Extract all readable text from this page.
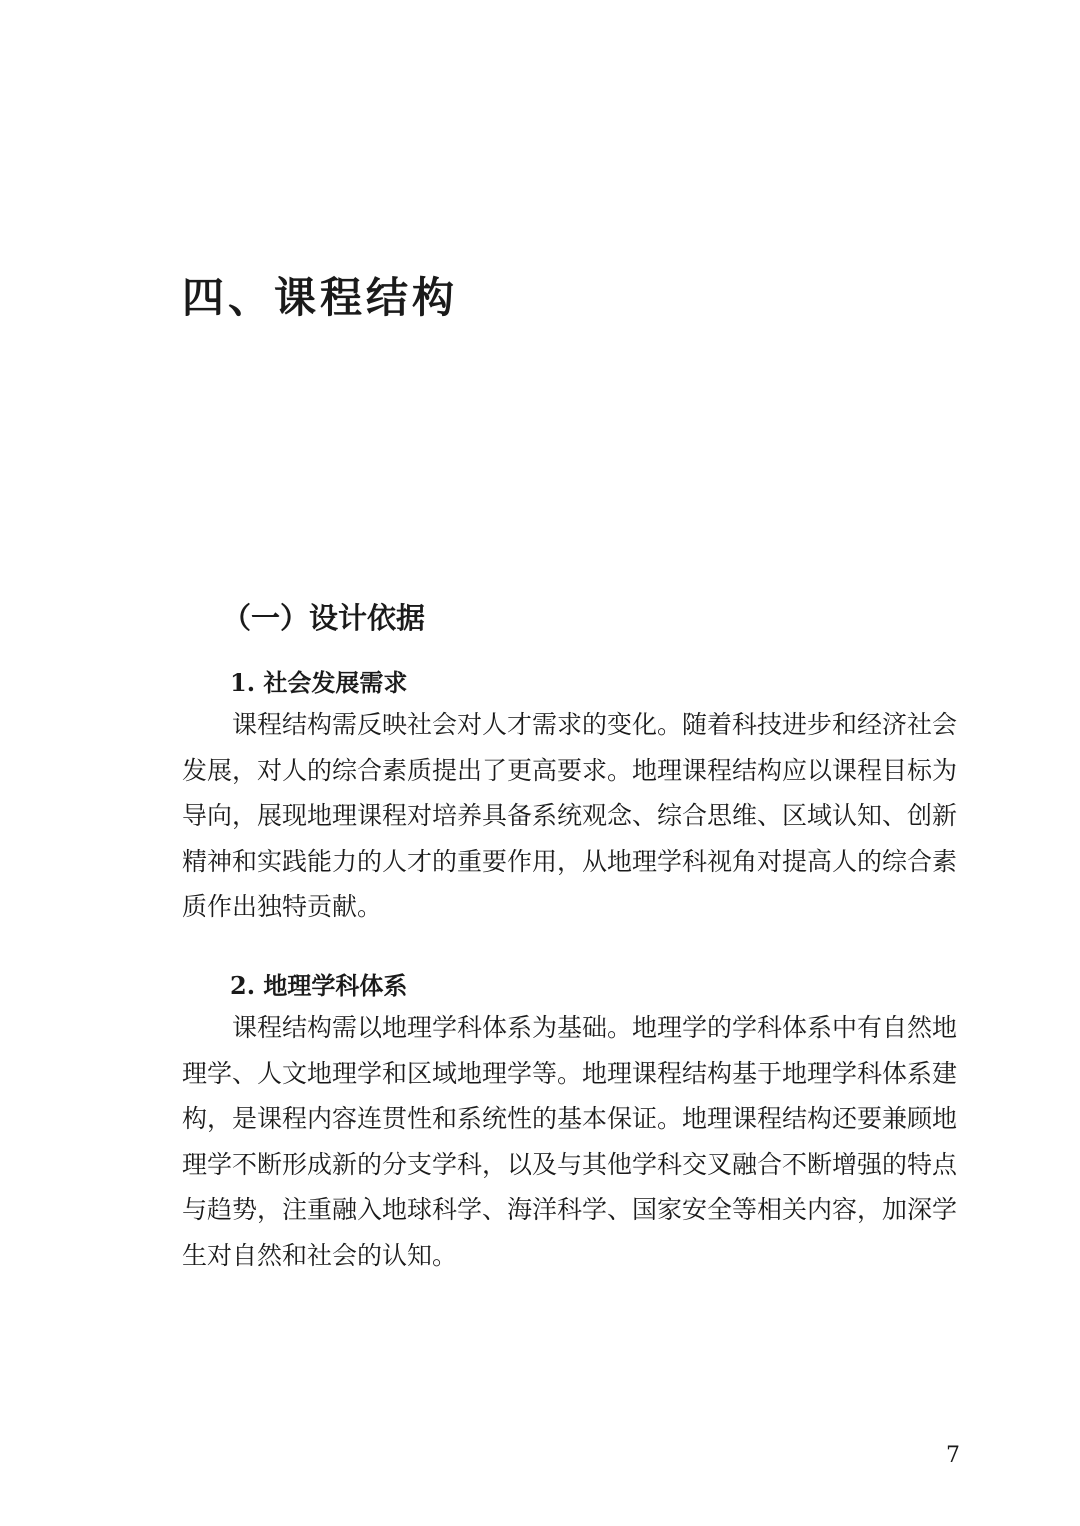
四、课程结构
（一）设计依据
1. 社会发展需求

课程结构需反映社会对人才需求的变化。随着科技进步和经济社会

发展，对人的综合素质提出了更高要求。地理课程结构应以课程目标为

导向，展现地理课程对培养具备系统观念、综合思维、区域认知、创新

精神和实践能力的人才的重要作用，从地理学科视角对提高人的综合素

质作出独特贡献。

2. 地理学科体系

课程结构需以地理学科体系为基础。地理学的学科体系中有自然地

理学、人文地理学和区域地理学等。地理课程结构基于地理学科体系建

构，是课程内容连贯性和系统性的基本保证。地理课程结构还要兼顾地

理学不断形成新的分支学科，以及与其他学科交叉融合不断增强的特点

与趋势，注重融入地球科学、海洋科学、国家安全等相关内容，加深学

生对自然和社会的认知。

7
